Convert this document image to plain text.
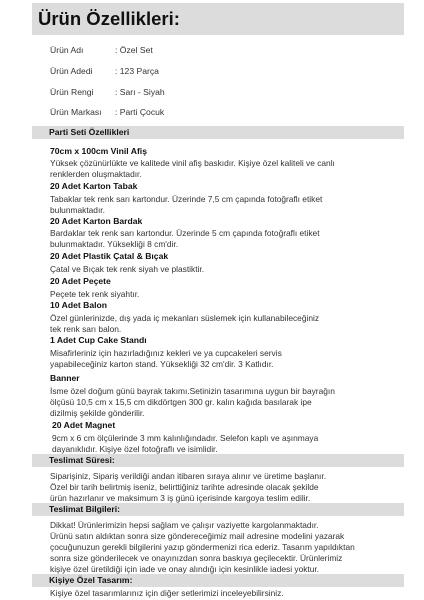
Ürün Özellikleri:
Ürün Adı	: Özel Set
Ürün Adedi	: 123 Parça
Ürün Rengi	: Sarı - Siyah
Ürün Markası : Parti Çocuk
Parti Seti Özellikleri
70cm x 100cm Vinil Afiş
Yüksek çözünürlükte ve kalitede vinil afiş baskıdır. Kişiye özel kaliteli ve canlı
renklerden oluşmaktadır.
20 Adet Karton Tabak
Tabaklar tek renk sarı kartondur. Üzerinde 7,5 cm çapında fotoğraflı etiket
bulunmaktadır.
20 Adet Karton Bardak
Bardaklar tek renk sarı kartondur. Üzerinde 5 cm çapında fotoğraflı etiket
bulunmaktadır. Yüksekliği 8 cm'dir.
20 Adet Plastik Çatal & Bıçak
Çatal ve Bıçak tek renk siyah ve plastiktir.
20 Adet Peçete
Peçete tek renk siyahtır.
10 Adet Balon
Özel günlerinizde, dış yada iç mekanları süslemek için kullanabileceğiniz
tek renk sarı balon.
1 Adet Cup Cake Standı
Misafirleriniz için hazırladığınız kekleri ve ya cupcakeleri servis
yapabileceğiniz karton stand. Yüksekliği 32 cm'dir. 3 Katlıdır.
Banner
İsme özel doğum günü bayrak takımı.Setinizin tasarımına uygun bir bayrağın
ölçüsü 10,5 cm x 15,5 cm dikdörtgen 300 gr. kalın kağıda basılarak ipe
dizilmiş şekilde gönderilir.
20 Adet Magnet
9cm x 6 cm ölçülerinde 3 mm kalınlığındadır. Selefon kaplı ve aşınmaya
dayanıklıdır. Kişiye özel fotoğraflı ve isimlidir.
Teslimat Süresi:
Siparişiniz, Sipariş verildiği andan itibaren sıraya alınır ve üretime başlanır.
Özel bir tarih belirtmiş iseniz, belirttiğiniz tarihte adresinde olacak şekilde
ürün hazırlanır ve maksimum 3 iş günü içerisinde kargoya teslim edilir.
Teslimat Bilgileri:
Dikkat! Ürünlerimizin hepsi sağlam ve çalışır vaziyette kargolanmaktadır.
Ürünü satın aldıktan sonra size göndereceğimiz mail adresine modelini yazarak
çocuğunuzun gerekli bilgilerini yazıp göndermenizi rica ederiz. Tasarım yapıldıktan
sonra size gönderilecek ve onayınızdan sonra baskıya geçilecektir. Ürünlerimiz
kişiye özel üretildiği için iade ve onay alındığı için kesinlikle iadesi yoktur.
Kişiye Özel Tasarım:
Kişiye özel tasarımlarınız için diğer setlerimizi inceleyebilirsiniz.
